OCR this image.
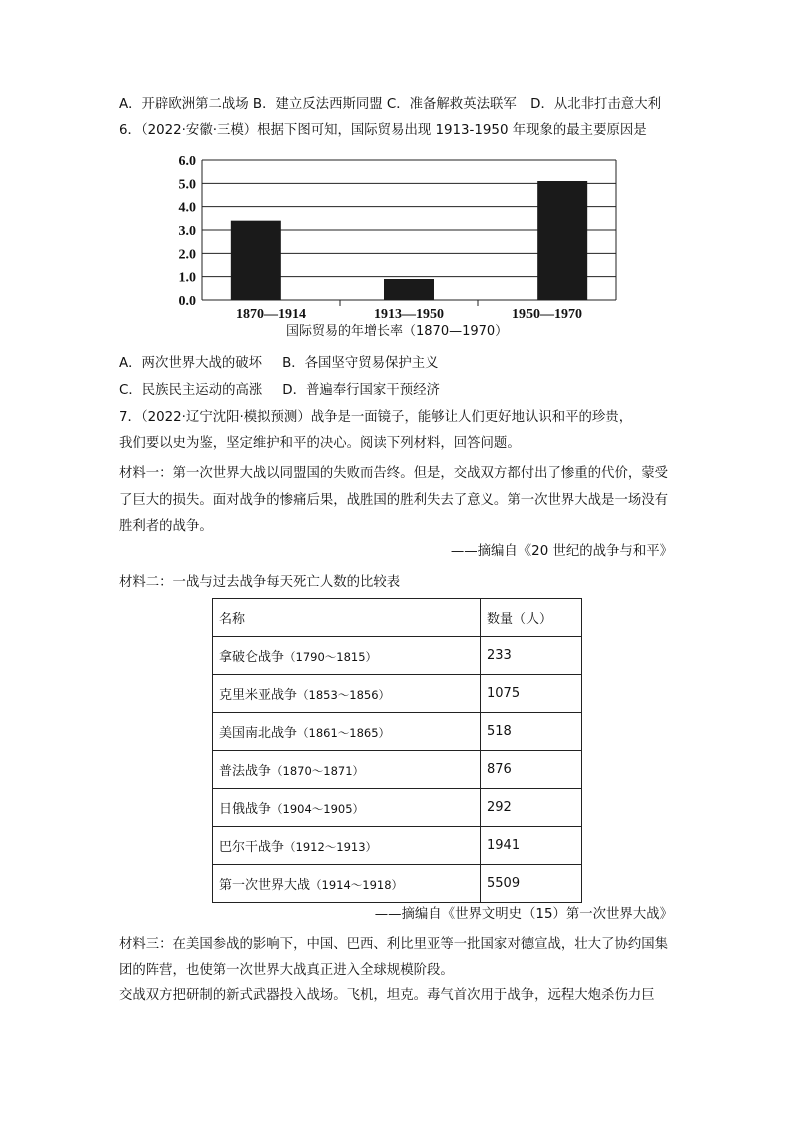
A．开辟欧洲第二战场 B．建立反法西斯同盟 C．准备解救英法联军　D．从北非打击意大利
6．（2022·安徽·三模）根据下图可知，国际贸易出现 1913-1950 年现象的最主要原因是
0.0
1.0
2.0
3.0
4.0
5.0
6.0
1870—1914	1913—1950	1950—1970
国际贸易的年增长率（1870—1970）
A．两次世界大战的破坏 B．各国坚守贸易保护主义
C．民族民主运动的高涨 D．普遍奉行国家干预经济
7．（2022·辽宁沈阳·模拟预测）战争是一面镜子，能够让人们更好地认识和平的珍贵，
我们要以史为鉴，坚定维护和平的决心。阅读下列材料，回答问题。
材料一：第一次世界大战以同盟国的失败而告终。但是，交战双方都付出了惨重的代价，蒙受了巨大的损失。面对战争的惨痛后果，战胜国的胜利失去了意义。第一次世界大战是一场没有胜利者的战争。
——摘编自《20 世纪的战争与和平》
材料二：一战与过去战争每天死亡人数的比较表
名称	数量（人）
拿破仑战争（1790～1815）	233
克里米亚战争（1853～1856）	1075
美国南北战争（1861～1865）	518
普法战争（1870～1871）	876
日俄战争（1904～1905）	292
巴尔干战争（1912～1913）	1941
第一次世界大战（1914～1918）	5509
——摘编自《世界文明史（15）第一次世界大战》
材料三：在美国参战的影响下，中国、巴西、利比里亚等一批国家对德宣战，壮大了协约国集团的阵营，也使第一次世界大战真正进入全球规模阶段。
交战双方把研制的新式武器投入战场。飞机，坦克。毒气首次用于战争，远程大炮杀伤力巨
